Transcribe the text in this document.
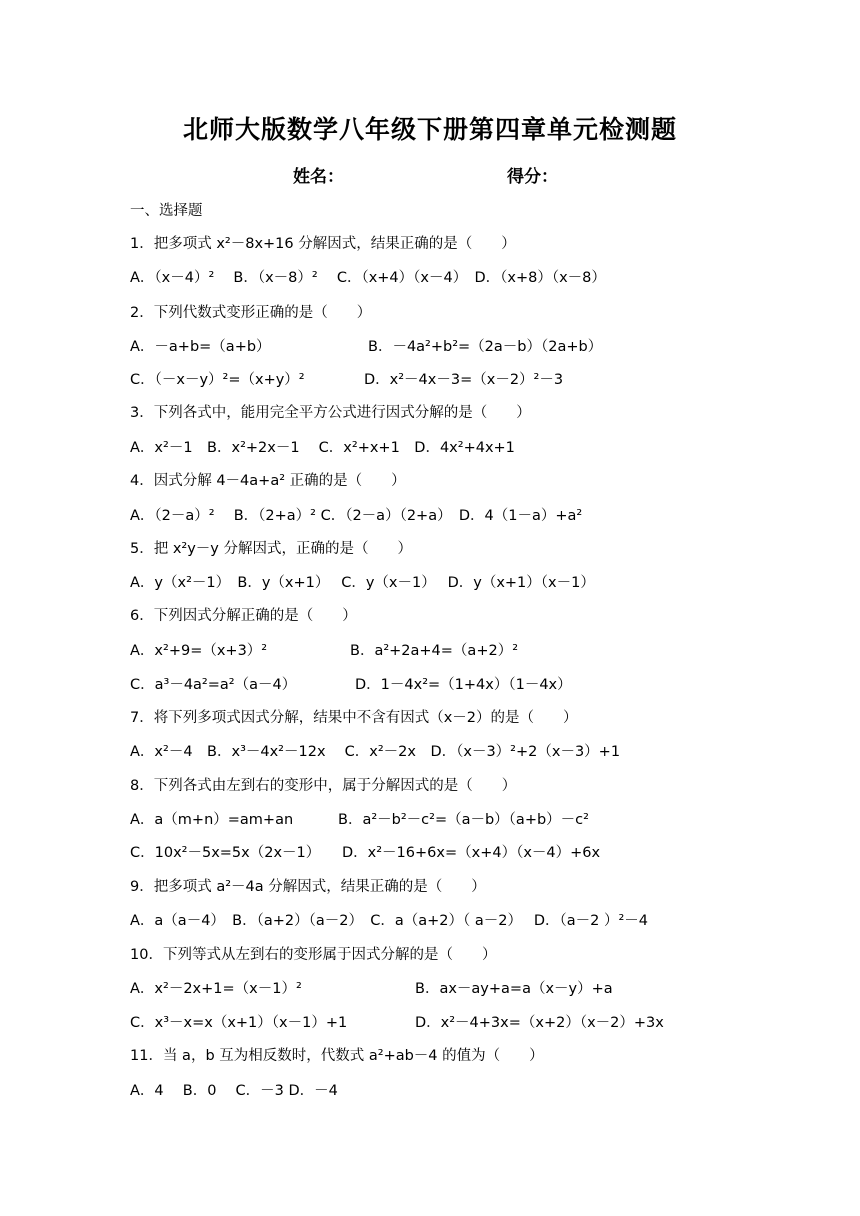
北师大版数学八年级下册第四章单元检测题
姓名：	得分：
一、选择题
1．把多项式 x²－8x+16 分解因式，结果正确的是（　　）
A．（x－4）²　 B．（x－8）²　 C．（x+4）（x－4）　D．（x+8）（x－8）
2．下列代数式变形正确的是（　　）
A．－a+b=（a+b）	B．－4a²+b²=（2a－b）（2a+b）
C．（－x－y）²=（x+y）²	D．x²－4x－3=（x－2）²－3
3．下列各式中，能用完全平方公式进行因式分解的是（　　）
A．x²－1　B．x²+2x－1　 C．x²+x+1　D．4x²+4x+1
4．因式分解 4－4a+a² 正确的是（　　）
A．（2－a）²　 B．（2+a）² C．（2－a）（2+a）　D．4（1－a）+a²
5．把 x²y－y 分解因式，正确的是（　　）
A．y（x²－1）　B．y（x+1）　 C．y（x－1）　 D．y（x+1）（x－1）
6．下列因式分解正确的是（　　）
A．x²+9=（x+3）²	B．a²+2a+4=（a+2）²
C．a³－4a²=a²（a－4）	D．1－4x²=（1+4x）（1－4x）
7．将下列多项式因式分解，结果中不含有因式（x－2）的是（　　）
A．x²－4　B．x³－4x²－12x　 C．x²－2x　D．（x－3）²+2（x－3）+1
8．下列各式由左到右的变形中，属于分解因式的是（　　）
A．a（m+n）=am+an	B．a²－b²－c²=（a－b）（a+b）－c²
C．10x²－5x=5x（2x－1） D．x²－16+6x=（x+4）（x－4）+6x
9．把多项式 a²－4a 分解因式，结果正确的是（　　）
A．a（a－4）　B．（a+2）（a－2）　C．a（a+2）（ a－2）　 D．（a－2 ）²－4
10．下列等式从左到右的变形属于因式分解的是（　　）
A．x²－2x+1=（x－1）²	B．ax－ay+a=a（x－y）+a
C．x³－x=x（x+1）（x－1）+1	D．x²－4+3x=（x+2）（x－2）+3x
11．当 a，b 互为相反数时，代数式 a²+ab－4 的值为（　　）
A．4　 B．0　 C．－3 D．－4
